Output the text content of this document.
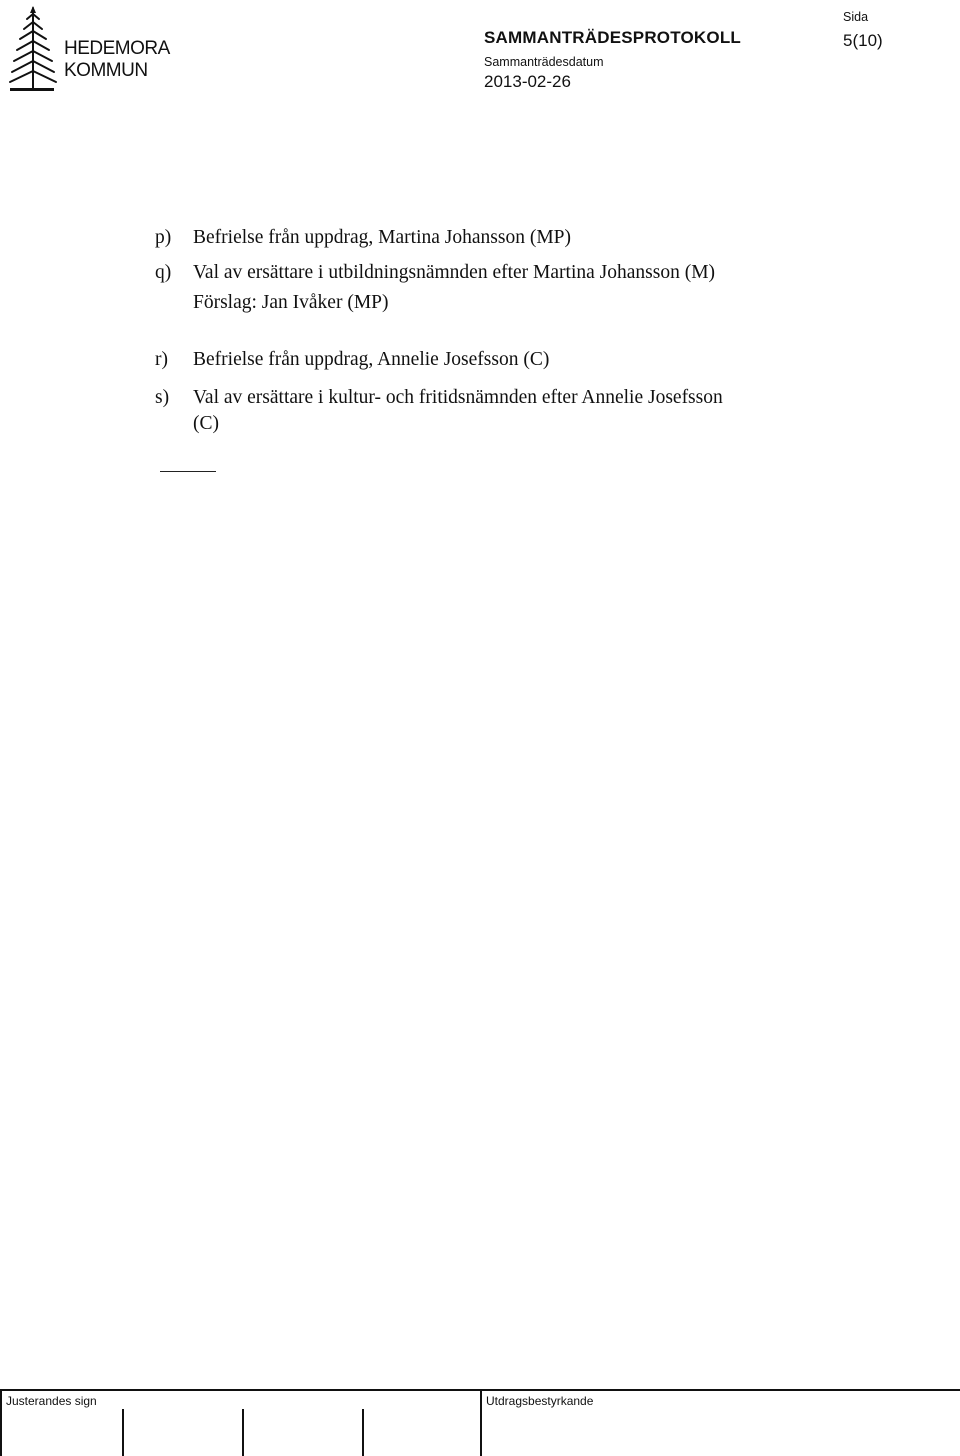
HEDEMORA
KOMMUN
SAMMANTRÄDESPROTOKOLL
Sammanträdesdatum
2013-02-26
Sida
5(10)
p)	Befrielse från uppdrag, Martina Johansson (MP)
q)	Val av ersättare i utbildningsnämnden efter Martina Johansson (M)
Förslag: Jan Ivåker (MP)
r)	Befrielse från uppdrag, Annelie Josefsson (C)
s)	Val av ersättare i kultur- och fritidsnämnden efter Annelie Josefsson
(C)
Justerandes sign	Utdragsbestyrkande
